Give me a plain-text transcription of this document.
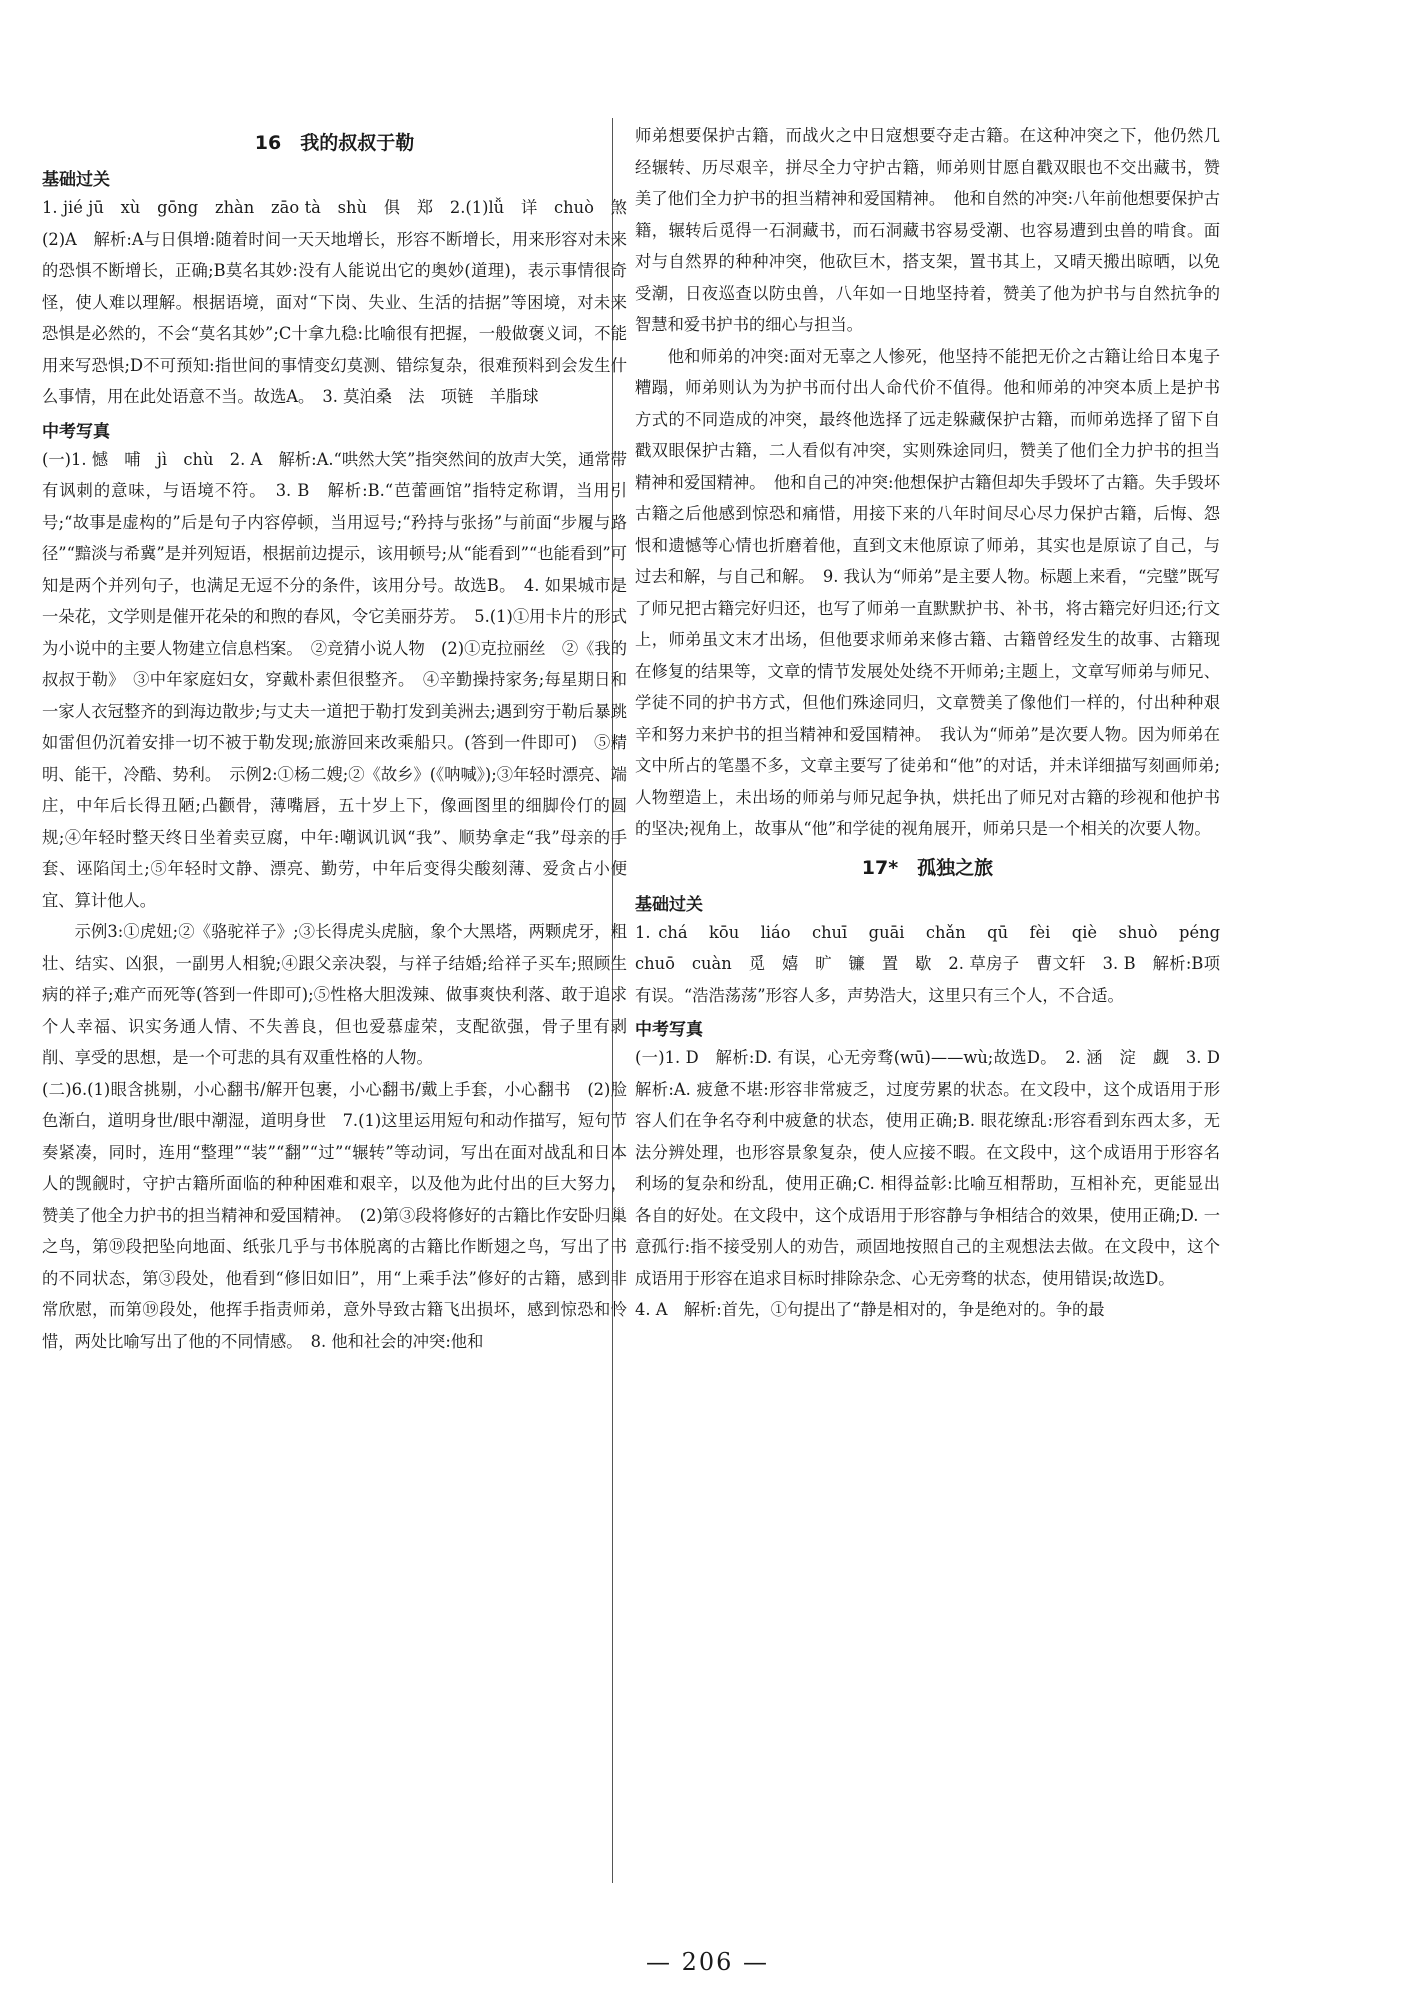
16　我的叔叔于勒
基础过关

1. jié jū　xù　gōng　zhàn　zāo tà　shù　俱　郑　2.(1)lǚ　详　chuò　煞　(2)A　解析:A与日俱增:随着时间一天天地增长，形容不断增长，用来形容对未来的恐惧不断增长，正确;B莫名其妙:没有人能说出它的奥妙(道理)，表示事情很奇怪，使人难以理解。根据语境，面对“下岗、失业、生活的拮据”等困境，对未来恐惧是必然的，不会“莫名其妙”;C十拿九稳:比喻很有把握，一般做褒义词，不能用来写恐惧;D不可预知:指世间的事情变幻莫测、错综复杂，很难预料到会发生什么事情，用在此处语意不当。故选A。　3. 莫泊桑　法　项链　羊脂球

中考写真

(一)1. 憾　哺　jì　chù　2. A　解析:A.“哄然大笑”指突然间的放声大笑，通常带有讽刺的意味，与语境不符。　3. B　解析:B.“芭蕾画馆”指特定称谓，当用引号;“故事是虚构的”后是句子内容停顿，当用逗号;“矜持与张扬”与前面“步履与路径”“黯淡与希冀”是并列短语，根据前边提示，该用顿号;从“能看到”“也能看到”可知是两个并列句子，也满足无逗不分的条件，该用分号。故选B。　4. 如果城市是一朵花，文学则是催开花朵的和煦的春风，令它美丽芬芳。　5.(1)①用卡片的形式为小说中的主要人物建立信息档案。　②竞猜小说人物　(2)①克拉丽丝　②《我的叔叔于勒》　③中年家庭妇女，穿戴朴素但很整齐。　④辛勤操持家务;每星期日和一家人衣冠整齐的到海边散步;与丈夫一道把于勒打发到美洲去;遇到穷于勒后暴跳如雷但仍沉着安排一切不被于勒发现;旅游回来改乘船只。(答到一件即可)　⑤精明、能干，冷酷、势利。　示例2:①杨二嫂;②《故乡》(《呐喊》);③年轻时漂亮、端庄，中年后长得丑陋;凸颧骨，薄嘴唇，五十岁上下，像画图里的细脚伶仃的圆规;④年轻时整天终日坐着卖豆腐，中年:嘲讽讥讽“我”、顺势拿走“我”母亲的手套、诬陷闰土;⑤年轻时文静、漂亮、勤劳，中年后变得尖酸刻薄、爱贪占小便宜、算计他人。

示例3:①虎妞;②《骆驼祥子》;③长得虎头虎脑，象个大黑塔，两颗虎牙，粗壮、结实、凶狠，一副男人相貌;④跟父亲决裂，与祥子结婚;给祥子买车;照顾生病的祥子;难产而死等(答到一件即可);⑤性格大胆泼辣、做事爽快利落、敢于追求个人幸福、识实务通人情、不失善良，但也爱慕虚荣，支配欲强，骨子里有剥削、享受的思想，是一个可悲的具有双重性格的人物。

(二)6.(1)眼含挑剔，小心翻书/解开包裹，小心翻书/戴上手套，小心翻书　(2)脸色渐白，道明身世/眼中潮湿，道明身世　7.(1)这里运用短句和动作描写，短句节奏紧凑，同时，连用“整理”“装”“翻”“过”“辗转”等动词，写出在面对战乱和日本人的觊觎时，守护古籍所面临的种种困难和艰辛，以及他为此付出的巨大努力，赞美了他全力护书的担当精神和爱国精神。　(2)第③段将修好的古籍比作安卧归巢之鸟，第⑲段把坠向地面、纸张几乎与书体脱离的古籍比作断翅之鸟，写出了书的不同状态，第③段处，他看到“修旧如旧”，用“上乘手法”修好的古籍，感到非常欣慰，而第⑲段处，他挥手指责师弟，意外导致古籍飞出损坏，感到惊恐和怜惜，两处比喻写出了他的不同情感。　8. 他和社会的冲突:他和

师弟想要保护古籍，而战火之中日寇想要夺走古籍。在这种冲突之下，他仍然几经辗转、历尽艰辛，拼尽全力守护古籍，师弟则甘愿自戳双眼也不交出藏书，赞美了他们全力护书的担当精神和爱国精神。　他和自然的冲突:八年前他想要保护古籍，辗转后觅得一石洞藏书，而石洞藏书容易受潮、也容易遭到虫兽的啃食。面对与自然界的种种冲突，他砍巨木，搭支架，置书其上，又晴天搬出晾晒，以免受潮，日夜巡查以防虫兽，八年如一日地坚持着，赞美了他为护书与自然抗争的智慧和爱书护书的细心与担当。

他和师弟的冲突:面对无辜之人惨死，他坚持不能把无价之古籍让给日本鬼子糟蹋，师弟则认为为护书而付出人命代价不值得。他和师弟的冲突本质上是护书方式的不同造成的冲突，最终他选择了远走躲藏保护古籍，而师弟选择了留下自戳双眼保护古籍，二人看似有冲突，实则殊途同归，赞美了他们全力护书的担当精神和爱国精神。　他和自己的冲突:他想保护古籍但却失手毁坏了古籍。失手毁坏古籍之后他感到惊恐和痛惜，用接下来的八年时间尽心尽力保护古籍，后悔、怨恨和遗憾等心情也折磨着他，直到文末他原谅了师弟，其实也是原谅了自己，与过去和解，与自己和解。　9. 我认为“师弟”是主要人物。标题上来看，“完璧”既写了师兄把古籍完好归还，也写了师弟一直默默护书、补书，将古籍完好归还;行文上，师弟虽文末才出场，但他要求师弟来修古籍、古籍曾经发生的故事、古籍现在修复的结果等，文章的情节发展处处绕不开师弟;主题上，文章写师弟与师兄、学徒不同的护书方式，但他们殊途同归，文章赞美了像他们一样的，付出种种艰辛和努力来护书的担当精神和爱国精神。　我认为“师弟”是次要人物。因为师弟在文中所占的笔墨不多，文章主要写了徒弟和“他”的对话，并未详细描写刻画师弟;人物塑造上，未出场的师弟与师兄起争执，烘托出了师兄对古籍的珍视和他护书的坚决;视角上，故事从“他”和学徒的视角展开，师弟只是一个相关的次要人物。

17*　孤独之旅
基础过关

1. chá　kōu　liáo　chuī　guāi　chǎn　qū　fèi　qiè　shuò　péng　chuō　cuàn　觅　嬉　旷　镰　置　歇　2. 草房子　曹文轩　3. B　解析:B项有误。“浩浩荡荡”形容人多，声势浩大，这里只有三个人，不合适。

中考写真

(一)1. D　解析:D. 有误，心无旁骛(wū)——wù;故选D。　2. 涵　淀　觑　3. D　解析:A. 疲惫不堪:形容非常疲乏，过度劳累的状态。在文段中，这个成语用于形容人们在争名夺利中疲惫的状态，使用正确;B. 眼花缭乱:形容看到东西太多，无法分辨处理，也形容景象复杂，使人应接不暇。在文段中，这个成语用于形容名利场的复杂和纷乱，使用正确;C. 相得益彰:比喻互相帮助，互相补充，更能显出各自的好处。在文段中，这个成语用于形容静与争相结合的效果，使用正确;D. 一意孤行:指不接受别人的劝告，顽固地按照自己的主观想法去做。在文段中，这个成语用于形容在追求目标时排除杂念、心无旁骛的状态，使用错误;故选D。

4. A　解析:首先，①句提出了“静是相对的，争是绝对的。争的最

— 206 —
